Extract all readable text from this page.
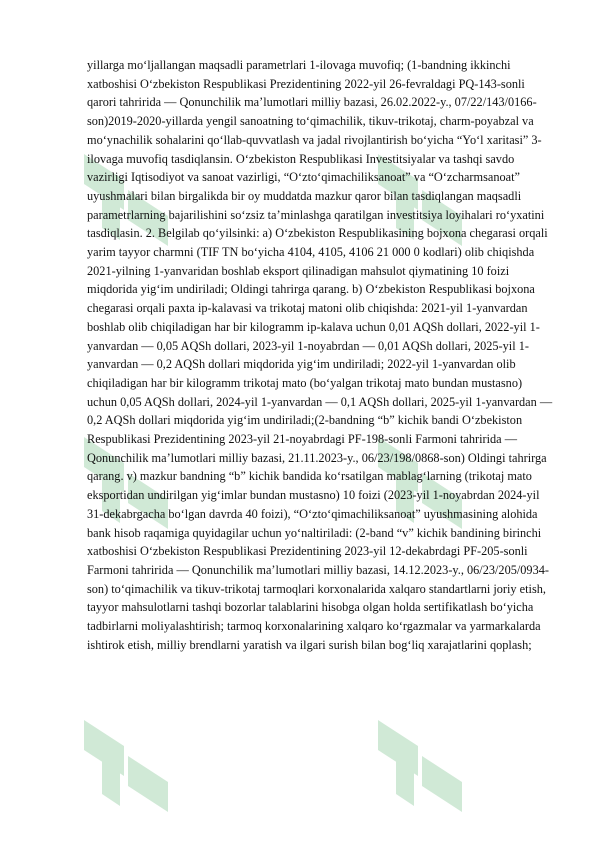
yillarga mo‘ljallangan maqsadli parametrlari 1-ilovaga muvofiq; (1-bandning ikkinchi xatboshisi O‘zbekiston Respublikasi Prezidentining 2022-yil 26-fevraldagi PQ-143-sonli qarori tahririda — Qonunchilik ma’lumotlari milliy bazasi, 26.02.2022-y., 07/22/143/0166-son)2019-2020-yillarda yengil sanoatning to‘qimachilik, tikuv-trikotaj, charm-poyabzal va mo‘ynachilik sohalarini qo‘llab-quvvatlash va jadal rivojlantirish bo‘yicha “Yo‘l xaritasi” 3-ilovaga muvofiq tasdiqlansin. O‘zbekiston Respublikasi Investitsiyalar va tashqi savdo vazirligi Iqtisodiyot va sanoat vazirligi, “O‘zto‘qimachiliksanoat” va “O‘zcharmsanoat” uyushmalari bilan birgalikda bir oy muddatda mazkur qaror bilan tasdiqlangan maqsadli parametrlarning bajarilishini so‘zsiz ta’minlashga qaratilgan investitsiya loyihalari ro‘yxatini tasdiqlasin. 2. Belgilab qo‘yilsinki: a) O‘zbekiston Respublikasining bojxona chegarasi orqali yarim tayyor charmni (TIF TN bo‘yicha 4104, 4105, 4106 21 000 0 kodlari) olib chiqishda 2021-yilning 1-yanvaridan boshlab eksport qilinadigan mahsulot qiymatining 10 foizi miqdorida yig‘im undiriladi; Oldingi tahrirga qarang. b) O‘zbekiston Respublikasi bojxona chegarasi orqali paxta ip-kalavasi va trikotaj matoni olib chiqishda: 2021-yil 1-yanvardan boshlab olib chiqiladigan har bir kilogramm ip-kalava uchun 0,01 AQSh dollari, 2022-yil 1-yanvardan — 0,05 AQSh dollari, 2023-yil 1-noyabrdan — 0,01 AQSh dollari, 2025-yil 1-yanvardan — 0,2 AQSh dollari miqdorida yig‘im undiriladi; 2022-yil 1-yanvardan olib chiqiladigan har bir kilogramm trikotaj mato (bo‘yalgan trikotaj mato bundan mustasno) uchun 0,05 AQSh dollari, 2024-yil 1-yanvardan — 0,1 AQSh dollari, 2025-yil 1-yanvardan — 0,2 AQSh dollari miqdorida yig‘im undiriladi;(2-bandning “b” kichik bandi O‘zbekiston Respublikasi Prezidentining 2023-yil 21-noyabrdagi PF-198-sonli Farmoni tahririda — Qonunchilik ma’lumotlari milliy bazasi, 21.11.2023-y., 06/23/198/0868-son) Oldingi tahrirga qarang. v) mazkur bandning “b” kichik bandida ko‘rsatilgan mablag‘larning (trikotaj mato eksportidan undirilgan yig‘imlar bundan mustasno) 10 foizi (2023-yil 1-noyabrdan 2024-yil 31-dekabrgacha bo‘lgan davrda 40 foizi), “O‘zto‘qimachiliksanoat” uyushmasining alohida bank hisob raqamiga quyidagilar uchun yo‘naltiriladi: (2-band “v” kichik bandining birinchi xatboshisi O‘zbekiston Respublikasi Prezidentining 2023-yil 12-dekabrdagi PF-205-sonli Farmoni tahririda — Qonunchilik ma’lumotlari milliy bazasi, 14.12.2023-y., 06/23/205/0934-son) to‘qimachilik va tikuv-trikotaj tarmoqlari korxonalarida xalqaro standartlarni joriy etish, tayyor mahsulotlarni tashqi bozorlar talablarini hisobga olgan holda sertifikatlash bo‘yicha tadbirlarni moliyalashtirish; tarmoq korxonalarining xalqaro ko‘rgazmalar va yarmarkalarda ishtirok etish, milliy brendlarni yaratish va ilgari surish bilan bog‘liq xarajatlarini qoplash;
